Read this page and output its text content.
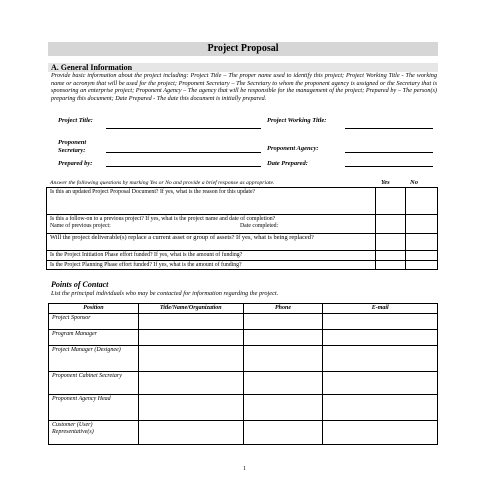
Project Proposal
A. General Information
Provide basic information about the project including: Project Title – The proper name used to identify this project; Project Working Title - The working name or acronym that will be used for the project; Proponent Secretary – The Secretary to whom the proponent agency is assigned or the Secretary that is sponsoring an enterprise project; Proponent Agency – The agency that will be responsible for the management of the project; Prepared by – The person(s) preparing this document; Date Prepared - The date this document is initially prepared.
Project Title:	Project Working Title:
Proponent Secretary:	Proponent Agency:
Prepared by:	Date Prepared:
Answer the following questions by marking Yes or No and provide a brief response as appropriate.	Yes	No
Is this an updated Project Proposal Document? If yes, what is the reason for this update?		

Is this a follow-on to a previous project? If yes, what is the project name and date of completion?
Name of previous project: Date completed:		

Will the project deliverable(s) replace a current asset or group of assets? If yes, what is being replaced?		
Is the Project Initiation Phase effort funded? If yes, what is the amount of funding?		
Is the Project Planning Phase effort funded? If yes, what is the amount of funding?		
Points of Contact
List the principal individuals who may be contacted for information regarding the project.
Position	Title/Name/Organization	Phone	E-mail
Project Sponsor			
Program Manager			
Project Manager (Designee)			
Proponent Cabinet Secretary			
Proponent Agency Head			
Customer (User) Representative(s)			
1
